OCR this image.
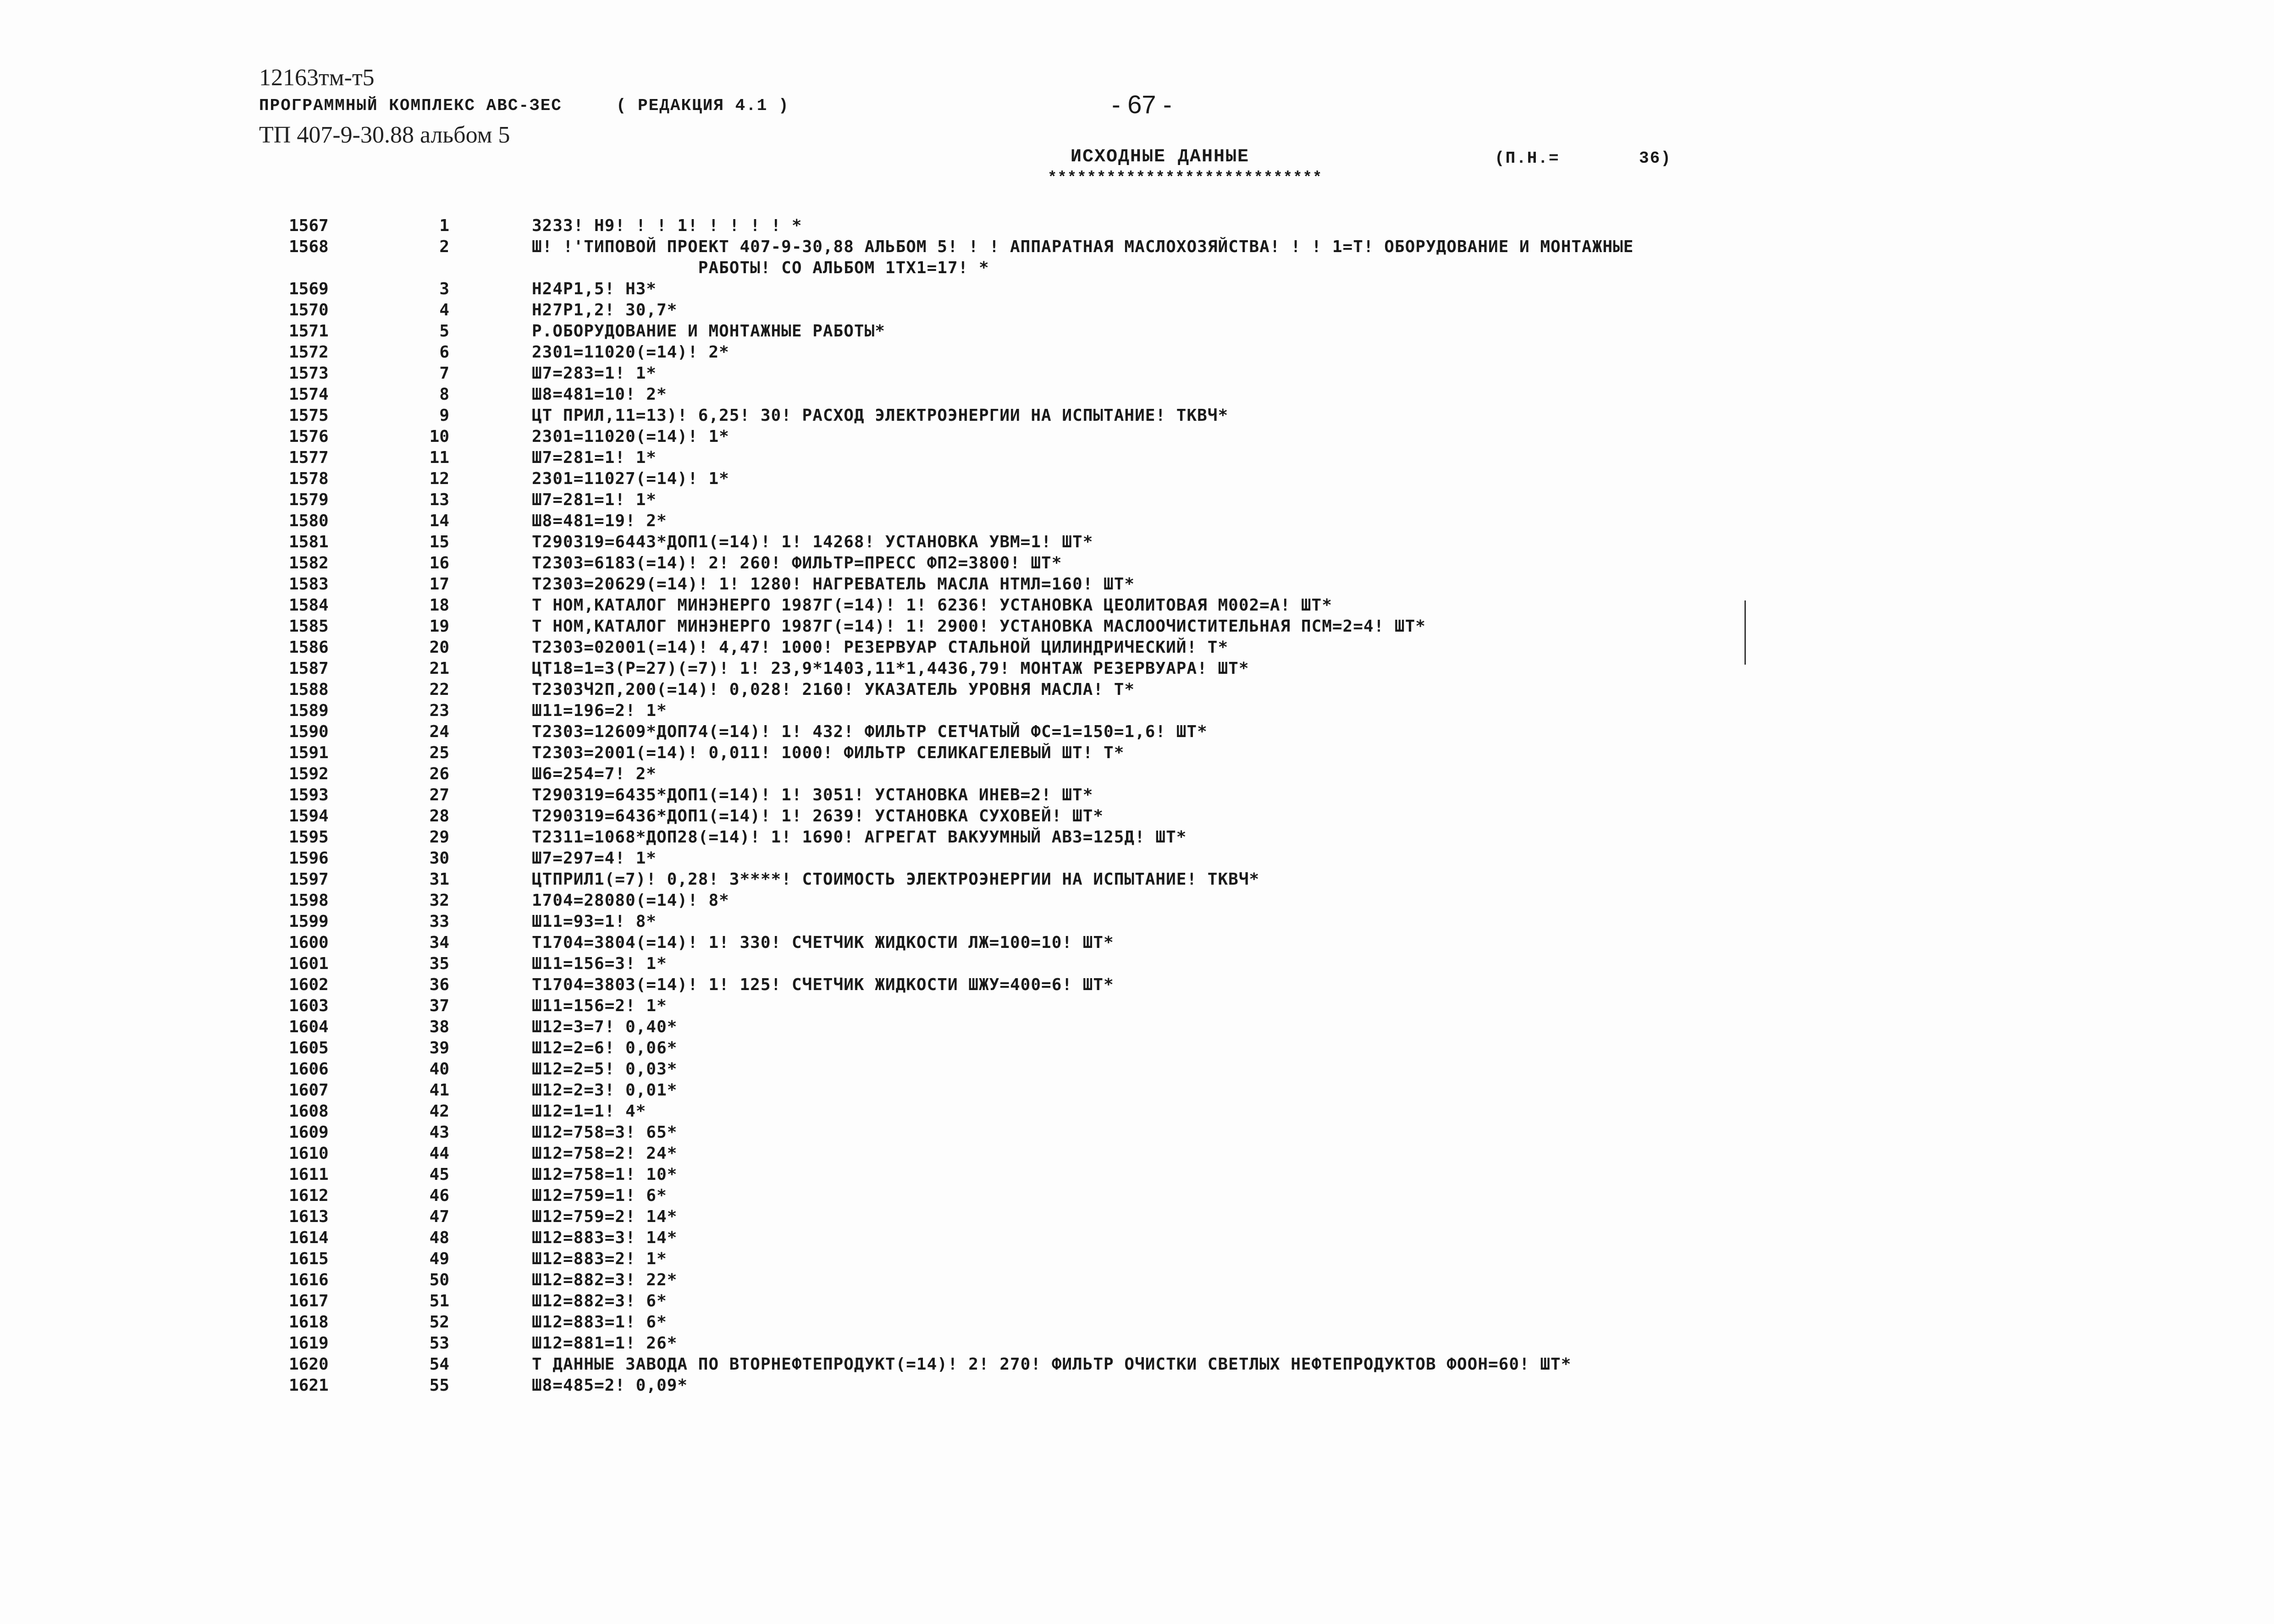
12163тм-т5
ПРОГРАММНЫЙ КОМПЛЕКС АВС-ЗЕС	( РЕДАКЦИЯ 4.1 )
ТП 407-9-30.88 альбом 5
- 67 -
ИСХОДНЫЕ ДАННЫЕ
****************************
(П.Н.=	36)
1567	1	3233! Н9! ! ! 1! ! ! ! ! *
1568	2	Ш! !'ТИПОВОЙ ПРОЕКТ 407-9-30,88 АЛЬБОМ 5! ! ! АППАРАТНАЯ МАСЛОХОЗЯЙСТВА! ! ! 1=Т! ОБОРУДОВАНИЕ И МОНТАЖНЫЕ
РАБОТЫ! СО АЛЬБОМ 1ТХ1=17! *
1569	3	Н24Р1,5! Н3*
1570	4	Н27Р1,2! 30,7*
1571	5	Р.ОБОРУДОВАНИЕ И МОНТАЖНЫЕ РАБОТЫ*
1572	6	2301=11020(=14)! 2*
1573	7	Ш7=283=1! 1*
1574	8	Ш8=481=10! 2*
1575	9	ЦТ ПРИЛ,11=13)! 6,25! 30! РАСХОД ЭЛЕКТРОЭНЕРГИИ НА ИСПЫТАНИЕ! ТКВЧ*
1576	10	2301=11020(=14)! 1*
1577	11	Ш7=281=1! 1*
1578	12	2301=11027(=14)! 1*
1579	13	Ш7=281=1! 1*
1580	14	Ш8=481=19! 2*
1581	15	Т290319=6443*ДОП1(=14)! 1! 14268! УСТАНОВКА УВМ=1! ШТ*
1582	16	Т2303=6183(=14)! 2! 260! ФИЛЬТР=ПРЕСС ФП2=3800! ШТ*
1583	17	Т2303=20629(=14)! 1! 1280! НАГРЕВАТЕЛЬ МАСЛА НТМЛ=160! ШТ*
1584	18	Т НОМ,КАТАЛОГ МИНЭНЕРГО 1987Г(=14)! 1! 6236! УСТАНОВКА ЦЕОЛИТОВАЯ М002=А! ШТ*
1585	19	Т НОМ,КАТАЛОГ МИНЭНЕРГО 1987Г(=14)! 1! 2900! УСТАНОВКА МАСЛООЧИСТИТЕЛЬНАЯ ПСМ=2=4! ШТ*
1586	20	Т2303=02001(=14)! 4,47! 1000! РЕЗЕРВУАР СТАЛЬНОЙ ЦИЛИНДРИЧЕСКИЙ! Т*
1587	21	ЦТ18=1=3(Р=27)(=7)! 1! 23,9*1403,11*1,4436,79! МОНТАЖ РЕЗЕРВУАРА! ШТ*
1588	22	Т2303Ч2П,200(=14)! 0,028! 2160! УКАЗАТЕЛЬ УРОВНЯ МАСЛА! Т*
1589	23	Ш11=196=2! 1*
1590	24	Т2303=12609*ДОП74(=14)! 1! 432! ФИЛЬТР СЕТЧАТЫЙ ФС=1=150=1,6! ШТ*
1591	25	Т2303=2001(=14)! 0,011! 1000! ФИЛЬТР СЕЛИКАГЕЛЕВЫЙ ШТ! Т*
1592	26	Ш6=254=7! 2*
1593	27	Т290319=6435*ДОП1(=14)! 1! 3051! УСТАНОВКА ИНЕВ=2! ШТ*
1594	28	Т290319=6436*ДОП1(=14)! 1! 2639! УСТАНОВКА СУХОВЕЙ! ШТ*
1595	29	Т2311=1068*ДОП28(=14)! 1! 1690! АГРЕГАТ ВАКУУМНЫЙ АВЗ=125Д! ШТ*
1596	30	Ш7=297=4! 1*
1597	31	ЦТПРИЛ1(=7)! 0,28! 3****! СТОИМОСТЬ ЭЛЕКТРОЭНЕРГИИ НА ИСПЫТАНИЕ! ТКВЧ*
1598	32	1704=28080(=14)! 8*
1599	33	Ш11=93=1! 8*
1600	34	Т1704=3804(=14)! 1! 330! СЧЕТЧИК ЖИДКОСТИ ЛЖ=100=10! ШТ*
1601	35	Ш11=156=3! 1*
1602	36	Т1704=3803(=14)! 1! 125! СЧЕТЧИК ЖИДКОСТИ ШЖУ=400=6! ШТ*
1603	37	Ш11=156=2! 1*
1604	38	Ш12=3=7! 0,40*
1605	39	Ш12=2=6! 0,06*
1606	40	Ш12=2=5! 0,03*
1607	41	Ш12=2=3! 0,01*
1608	42	Ш12=1=1! 4*
1609	43	Ш12=758=3! 65*
1610	44	Ш12=758=2! 24*
1611	45	Ш12=758=1! 10*
1612	46	Ш12=759=1! 6*
1613	47	Ш12=759=2! 14*
1614	48	Ш12=883=3! 14*
1615	49	Ш12=883=2! 1*
1616	50	Ш12=882=3! 22*
1617	51	Ш12=882=3! 6*
1618	52	Ш12=883=1! 6*
1619	53	Ш12=881=1! 26*
1620	54	Т ДАННЫЕ ЗАВОДА ПО ВТОРНЕФТЕПРОДУКТ(=14)! 2! 270! ФИЛЬТР ОЧИСТКИ СВЕТЛЫХ НЕФТЕПРОДУКТОВ ФООН=60! ШТ*
1621	55	Ш8=485=2! 0,09*
